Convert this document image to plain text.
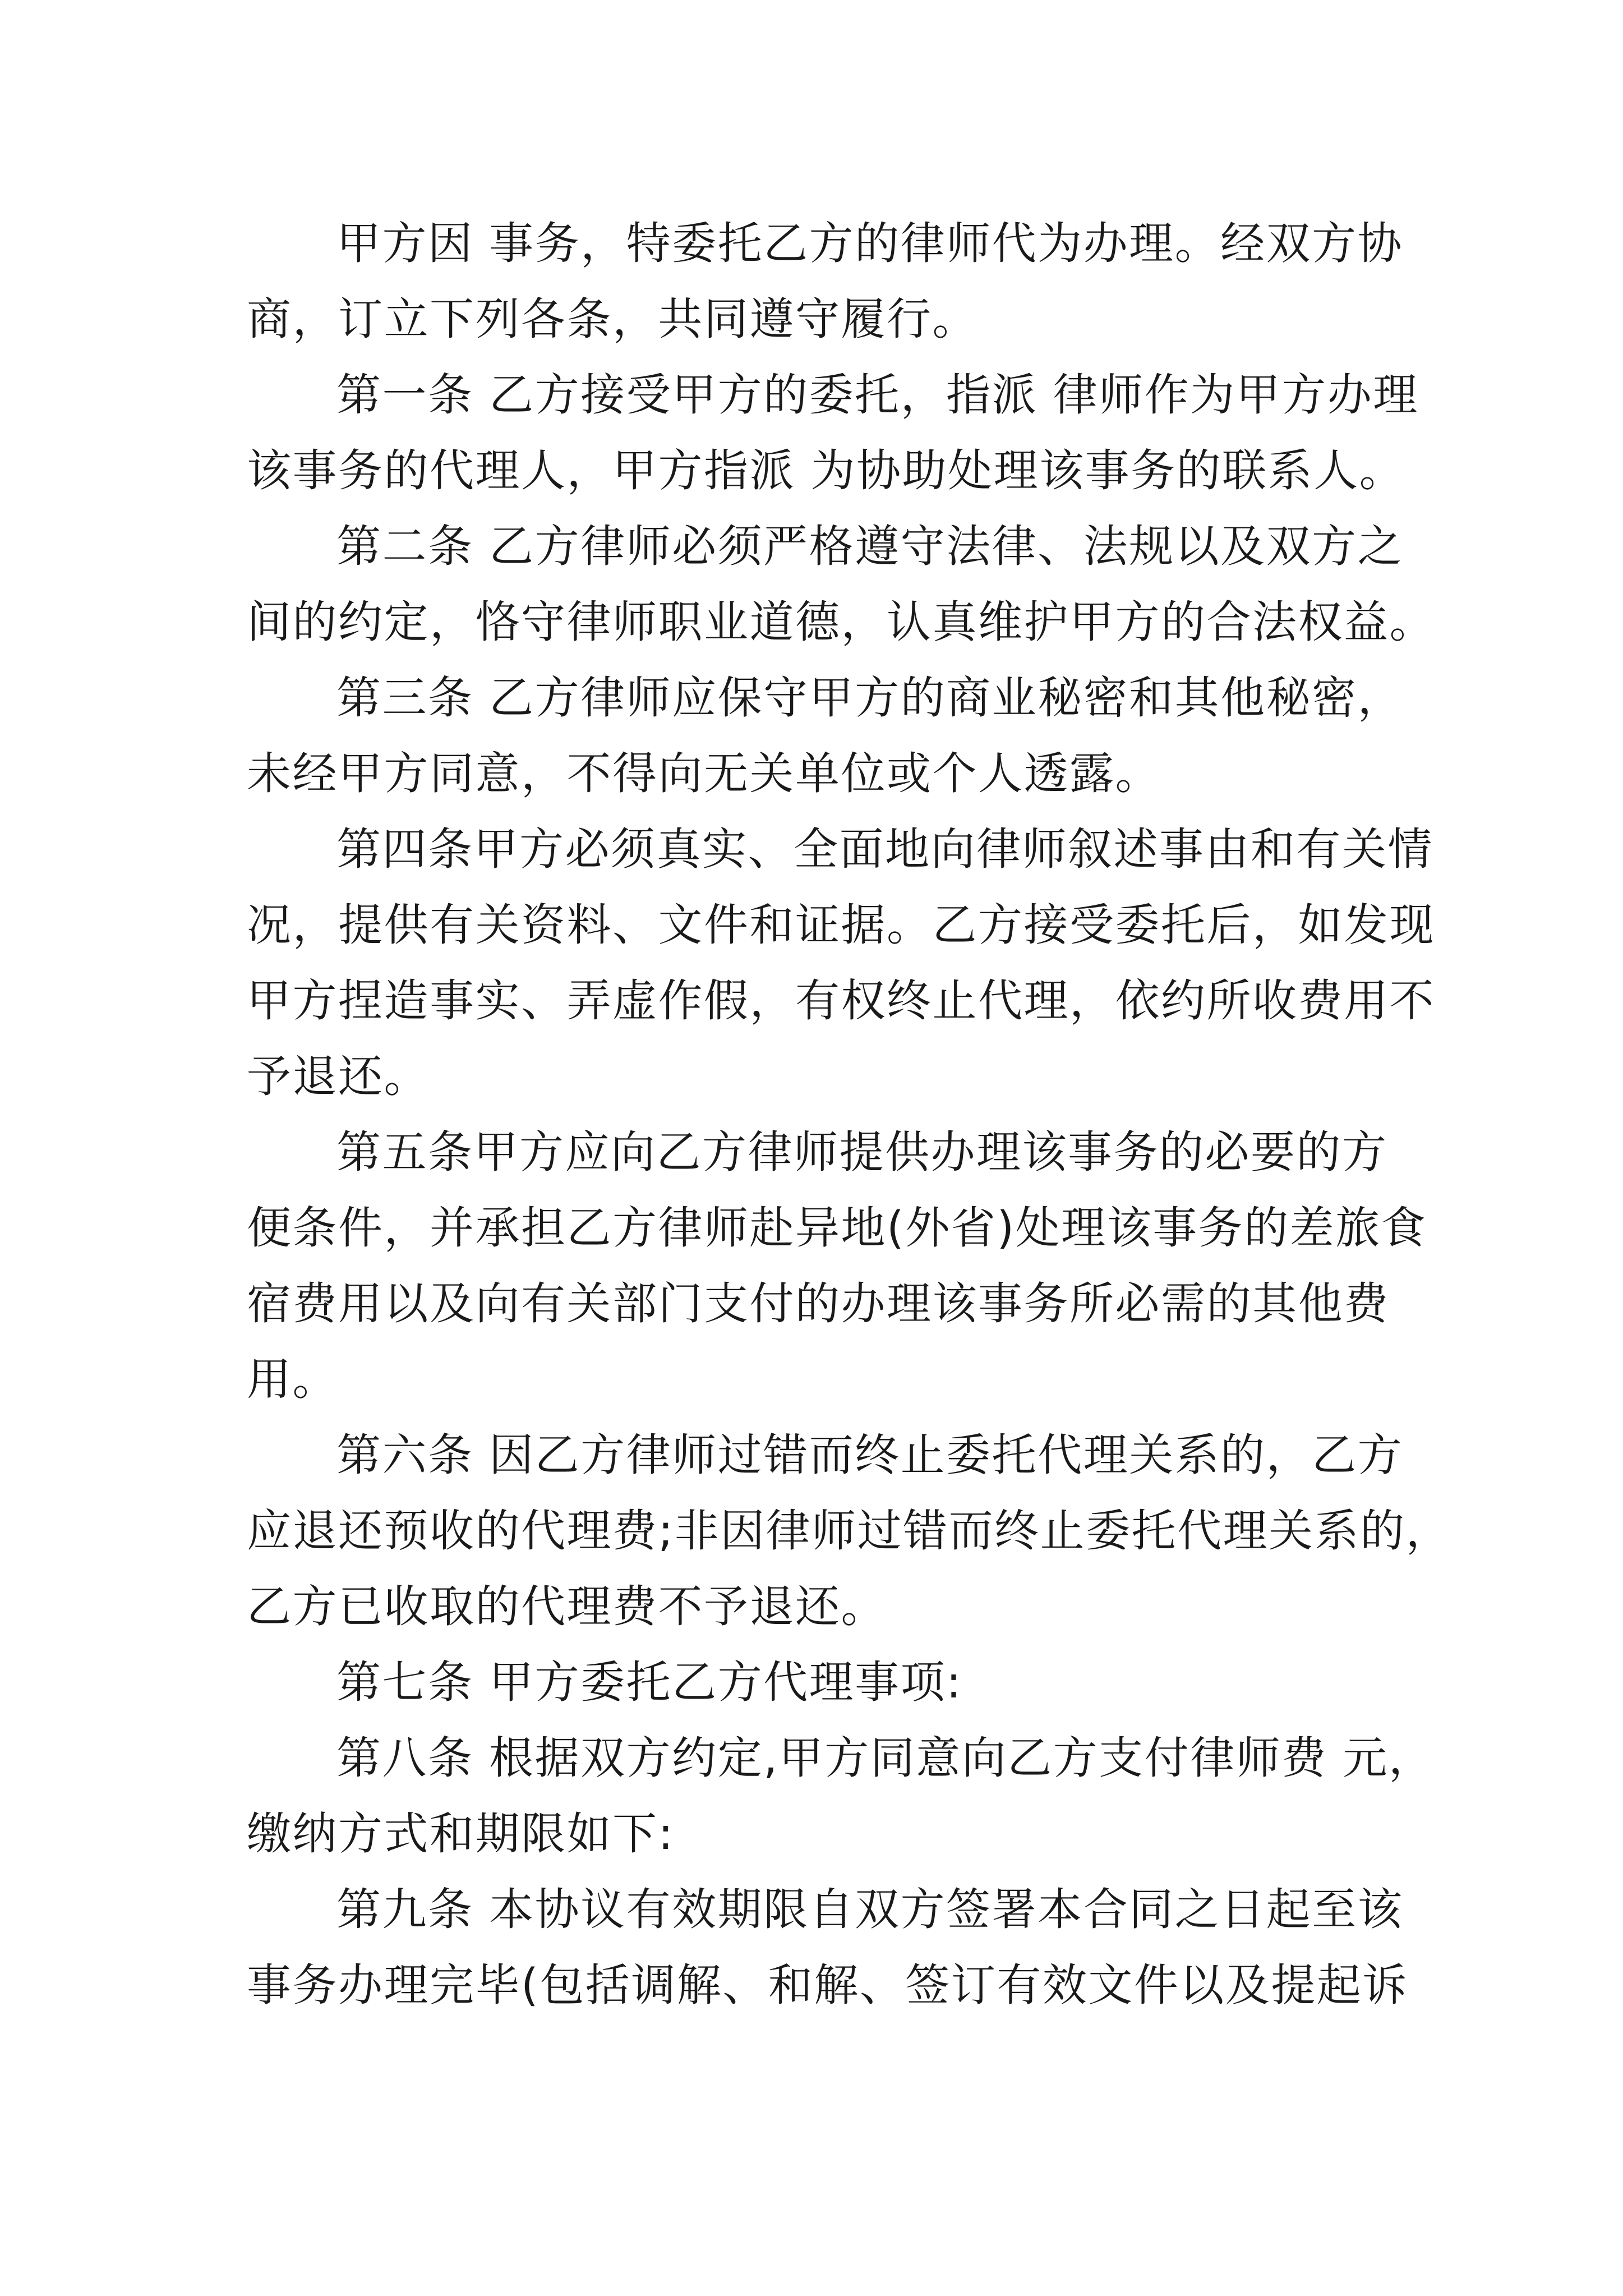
甲方因 事务，特委托乙方的律师代为办理。经双方协
商，订立下列各条，共同遵守履行。
第一条 乙方接受甲方的委托，指派 律师作为甲方办理
该事务的代理人，甲方指派 为协助处理该事务的联系人。
第二条 乙方律师必须严格遵守法律、法规以及双方之
间的约定，恪守律师职业道德，认真维护甲方的合法权益。
第三条 乙方律师应保守甲方的商业秘密和其他秘密，
未经甲方同意，不得向无关单位或个人透露。
第四条甲方必须真实、全面地向律师叙述事由和有关情
况，提供有关资料、文件和证据。乙方接受委托后，如发现
甲方捏造事实、弄虚作假，有权终止代理，依约所收费用不
予退还。
第五条甲方应向乙方律师提供办理该事务的必要的方
便条件，并承担乙方律师赴异地(外省)处理该事务的差旅食
宿费用以及向有关部门支付的办理该事务所必需的其他费
用。
第六条 因乙方律师过错而终止委托代理关系的，乙方
应退还预收的代理费;非因律师过错而终止委托代理关系的，
乙方已收取的代理费不予退还。
第七条 甲方委托乙方代理事项:
第八条 根据双方约定,甲方同意向乙方支付律师费 元，
缴纳方式和期限如下:
第九条 本协议有效期限自双方签署本合同之日起至该
事务办理完毕(包括调解、和解、签订有效文件以及提起诉
